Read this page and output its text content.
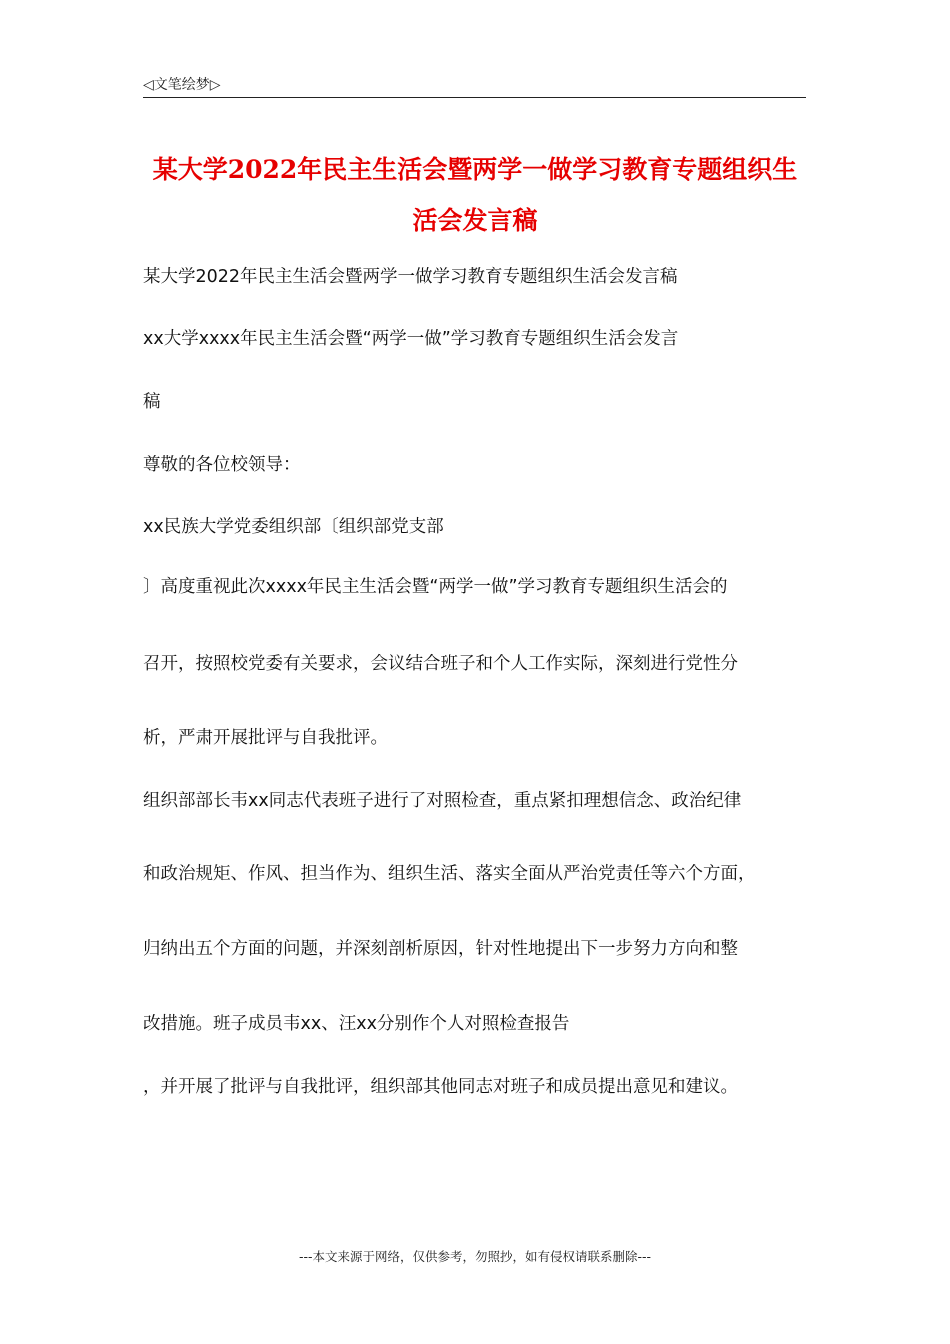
◁文笔绘梦▷
某大学2022年民主生活会暨两学一做学习教育专题组织生
活会发言稿
某大学2022年民主生活会暨两学一做学习教育专题组织生活会发言稿
xx大学xxxx年民主生活会暨“两学一做”学习教育专题组织生活会发言
稿
尊敬的各位校领导：
xx民族大学党委组织部〔组织部党支部
〕高度重视此次xxxx年民主生活会暨“两学一做”学习教育专题组织生活会的
召开，按照校党委有关要求，会议结合班子和个人工作实际，深刻进行党性分
析，严肃开展批评与自我批评。
组织部部长韦xx同志代表班子进行了对照检查，重点紧扣理想信念、政治纪律
和政治规矩、作风、担当作为、组织生活、落实全面从严治党责任等六个方面，
归纳出五个方面的问题，并深刻剖析原因，针对性地提出下一步努力方向和整
改措施。班子成员韦xx、汪xx分别作个人对照检查报告
，并开展了批评与自我批评，组织部其他同志对班子和成员提出意见和建议。
---本文来源于网络，仅供参考，勿照抄，如有侵权请联系删除---
